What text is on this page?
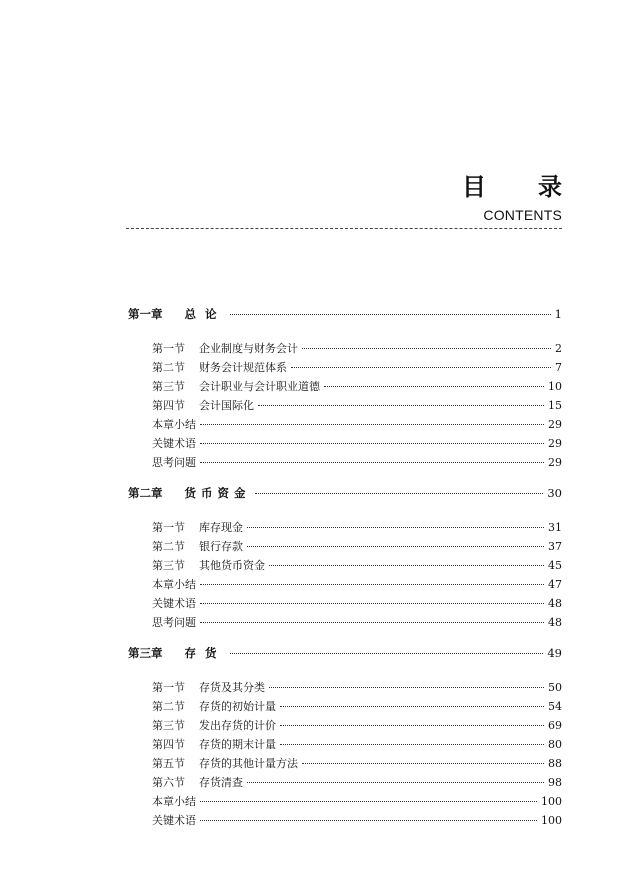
目　录
CONTENTS
第一章 总论	1
第一节 企业制度与财务会计	2
第二节 财务会计规范体系	7
第三节 会计职业与会计职业道德	10
第四节 会计国际化	15
本章小结	29
关键术语	29
思考问题	29
第二章 货币资金	30
第一节 库存现金	31
第二节 银行存款	37
第三节 其他货币资金	45
本章小结	47
关键术语	48
思考问题	48
第三章 存货	49
第一节 存货及其分类	50
第二节 存货的初始计量	54
第三节 发出存货的计价	69
第四节 存货的期末计量	80
第五节 存货的其他计量方法	88
第六节 存货清查	98
本章小结	100
关键术语	100
